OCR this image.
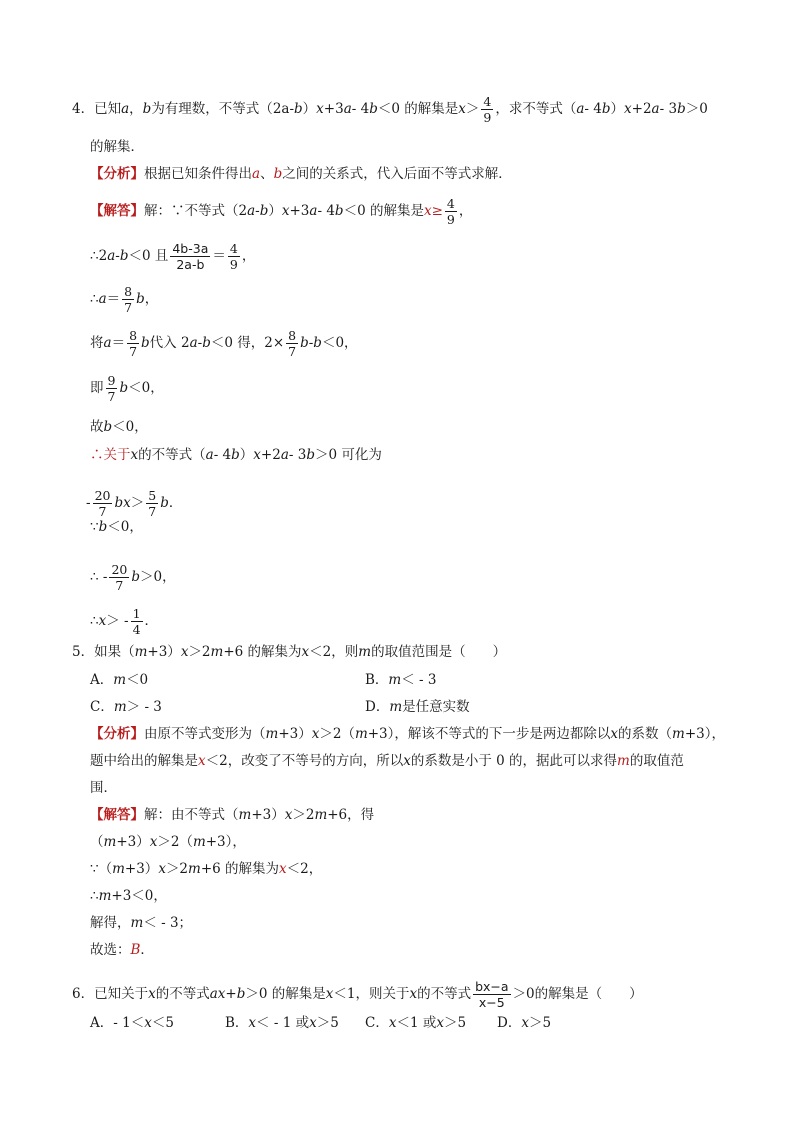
4． 已知 a ， b 为有理数，不等式（ 2a - b ） x +3 a - 4 b ＜0 的解集是 $x > \frac{4}{9}$ ，求不等式（ a - 4 b ） x +2 a - 3 b ＞0
的解集．
【分析】 根据已知条件得出 a 、 b 之间的关系式，代入后面不等式求解．
【解答】 解：∵不等式（2 a - b ） x +3 a - 4 b ＜0 的解集是 $x\ge \frac{4}{9}$ ，
∴2 a - b ＜0 且 $\frac{4b-3a}{2a-b} = \frac{4}{9}$ ，
∴ $a = \frac{8}{7}$ b ，
将 $a = \frac{8}{7}$ b 代入 2 a - b ＜0 得，$2\times \frac{8}{7}$ b - b ＜0，
即 $\frac{9}{7}$ b ＜0，
故 b ＜0，
∴关于 x 的不等式（ a - 4 b ） x +2 a - 3 b ＞0 可化为
- $\frac{20}{7}$ bx ＞ $\frac{5}{7}$ b ．
∵ b ＜0，
∴ - $\frac{20}{7}$ b ＞0，
∴ x ＞ - $\frac{1}{4}$ ．
5． 如果（ m +3） x ＞2 m +6 的解集为 x ＜2，则 m 的取值范围是（　　）
A． m ＜0	B． m ＜ - 3
C． m ＞ - 3	D． m 是任意实数
【分析】 由原不等式变形为（ m +3） x ＞2（ m +3），解该不等式的下一步是两边都除以 x 的系数（ m +3），
题中给出的解集是 x ＜2，改变了不等号的方向，所以 x 的系数是小于 0 的，据此可以求得 m 的取值范
围．
【解答】 解：由不等式（ m +3） x ＞2 m +6，得
（ m +3） x ＞2（ m +3），
∵（ m +3） x ＞2 m +6 的解集为 x ＜2，
∴ m +3＜0，
解得， m ＜ - 3；
故选： B ．
6． 已知关于 x 的不等式 ax + b ＞0 的解集是 x ＜1，则关于 x 的不等式 $\frac{bx-a}{x-5} >0$的解集是（　　）
A． - 1＜ x ＜5	B． x ＜ - 1 或 x ＞5 C． x ＜1 或 x ＞5 D． x ＞5
